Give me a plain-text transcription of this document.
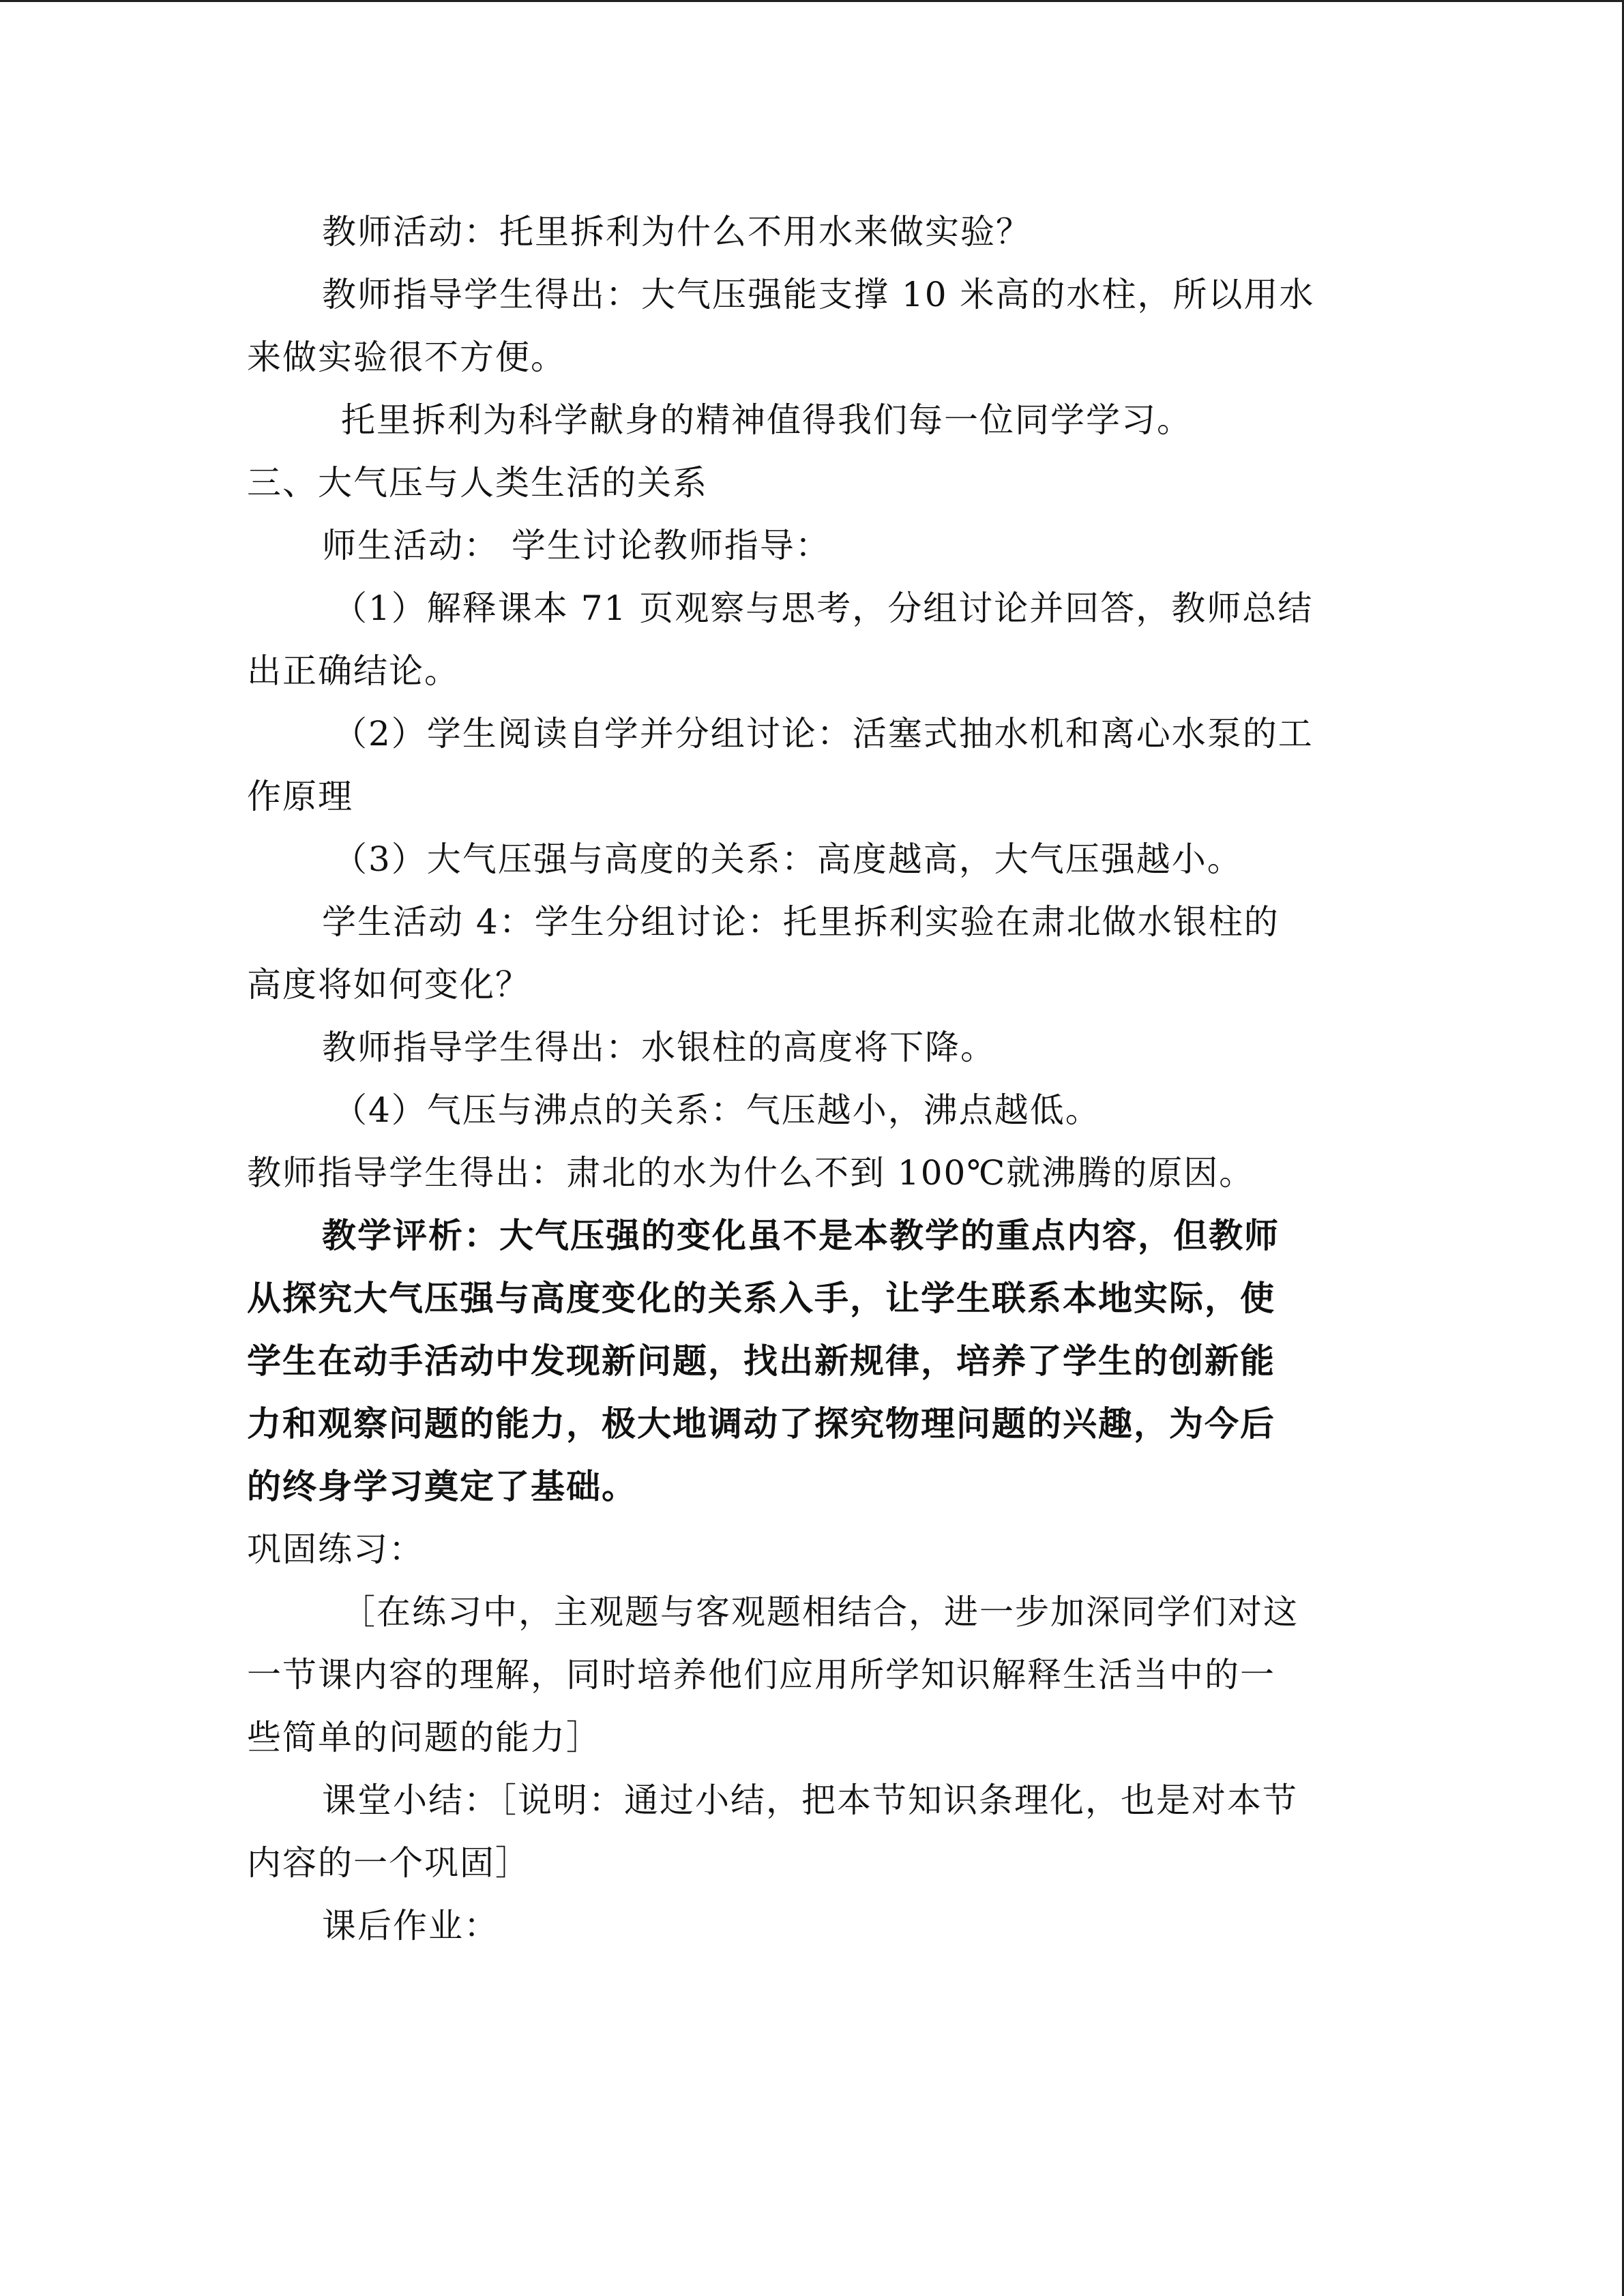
教师活动：托里拆利为什么不用水来做实验？
教师指导学生得出：大气压强能支撑 10 米高的水柱，所以用水
来做实验很不方便。
托里拆利为科学献身的精神值得我们每一位同学学习。
三、大气压与人类生活的关系
师生活动： 学生讨论教师指导：
（1）解释课本 71 页观察与思考，分组讨论并回答，教师总结
出正确结论。
（2）学生阅读自学并分组讨论：活塞式抽水机和离心水泵的工
作原理
（3）大气压强与高度的关系：高度越高，大气压强越小。
学生活动 4：学生分组讨论：托里拆利实验在肃北做水银柱的
高度将如何变化？
教师指导学生得出：水银柱的高度将下降。
（4）气压与沸点的关系：气压越小，沸点越低。
教师指导学生得出：肃北的水为什么不到 100℃就沸腾的原因。
教学评析：大气压强的变化虽不是本教学的重点内容，但教师
从探究大气压强与高度变化的关系入手，让学生联系本地实际，使
学生在动手活动中发现新问题，找出新规律，培养了学生的创新能
力和观察问题的能力，极大地调动了探究物理问题的兴趣，为今后
的终身学习奠定了基础。
巩固练习：
［在练习中，主观题与客观题相结合，进一步加深同学们对这
一节课内容的理解，同时培养他们应用所学知识解释生活当中的一
些简单的问题的能力］
课堂小结：［说明：通过小结，把本节知识条理化，也是对本节
内容的一个巩固］
课后作业：
